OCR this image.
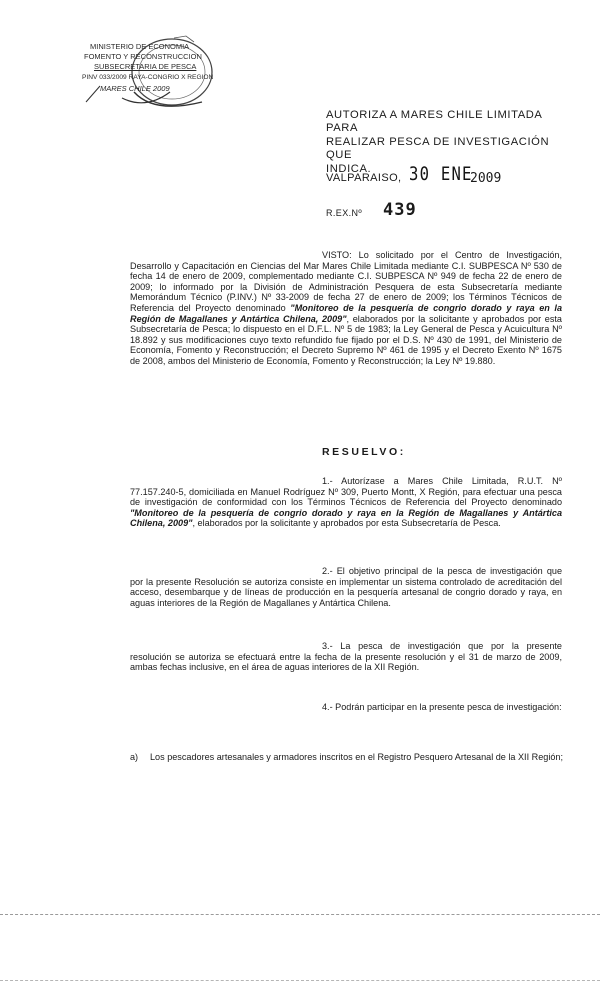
MINISTERIO DE ECONOMIA
FOMENTO Y RECONSTRUCCION
SUBSECRETARIA DE PESCA
PINV 033/2009 RAYA-CONGRIO X REGION
MARES CHILE 2009
AUTORIZA A MARES CHILE LIMITADA PARA
REALIZAR PESCA DE INVESTIGACIÓN QUE
INDICA.
VALPARAISO, 30 ENE
2009
R.EX.Nº 439
VISTO: Lo solicitado por el Centro de Investigación, Desarrollo y Capacitación en Ciencias del Mar Mares Chile Limitada mediante C.I. SUBPESCA Nº 530 de fecha 14 de enero de 2009, complementado mediante C.I. SUBPESCA Nº 949 de fecha 22 de enero de 2009; lo informado por la División de Administración Pesquera de esta Subsecretaría mediante Memorándum Técnico (P.INV.) Nº 33-2009 de fecha 27 de enero de 2009; los Términos Técnicos de Referencia del Proyecto denominado "Monitoreo de la pesquería de congrio dorado y raya en la Región de Magallanes y Antártica Chilena, 2009", elaborados por la solicitante y aprobados por esta Subsecretaría de Pesca; lo dispuesto en el D.F.L. Nº 5 de 1983; la Ley General de Pesca y Acuicultura Nº 18.892 y sus modificaciones cuyo texto refundido fue fijado por el D.S. Nº 430 de 1991, del Ministerio de Economía, Fomento y Reconstrucción; el Decreto Supremo Nº 461 de 1995 y el Decreto Exento Nº 1675 de 2008, ambos del Ministerio de Economía, Fomento y Reconstrucción; la Ley Nº 19.880.
RESUELVO:
1.- Autorízase a Mares Chile Limitada, R.U.T. Nº 77.157.240-5, domiciliada en Manuel Rodríguez Nº 309, Puerto Montt, X Región, para efectuar una pesca de investigación de conformidad con los Términos Técnicos de Referencia del Proyecto denominado "Monitoreo de la pesquería de congrio dorado y raya en la Región de Magallanes y Antártica Chilena, 2009", elaborados por la solicitante y aprobados por esta Subsecretaría de Pesca.
2.- El objetivo principal de la pesca de investigación que por la presente Resolución se autoriza consiste en implementar un sistema controlado de acreditación del acceso, desembarque y de líneas de producción en la pesquería artesanal de congrio dorado y raya, en aguas interiores de la Región de Magallanes y Antártica Chilena.
3.- La pesca de investigación que por la presente resolución se autoriza se efectuará entre la fecha de la presente resolución y el 31 de marzo de 2009, ambas fechas inclusive, en el área de aguas interiores de la XII Región.
4.- Podrán participar en la presente pesca de investigación:
a) Los pescadores artesanales y armadores inscritos en el Registro Pesquero Artesanal de la XII Región;
